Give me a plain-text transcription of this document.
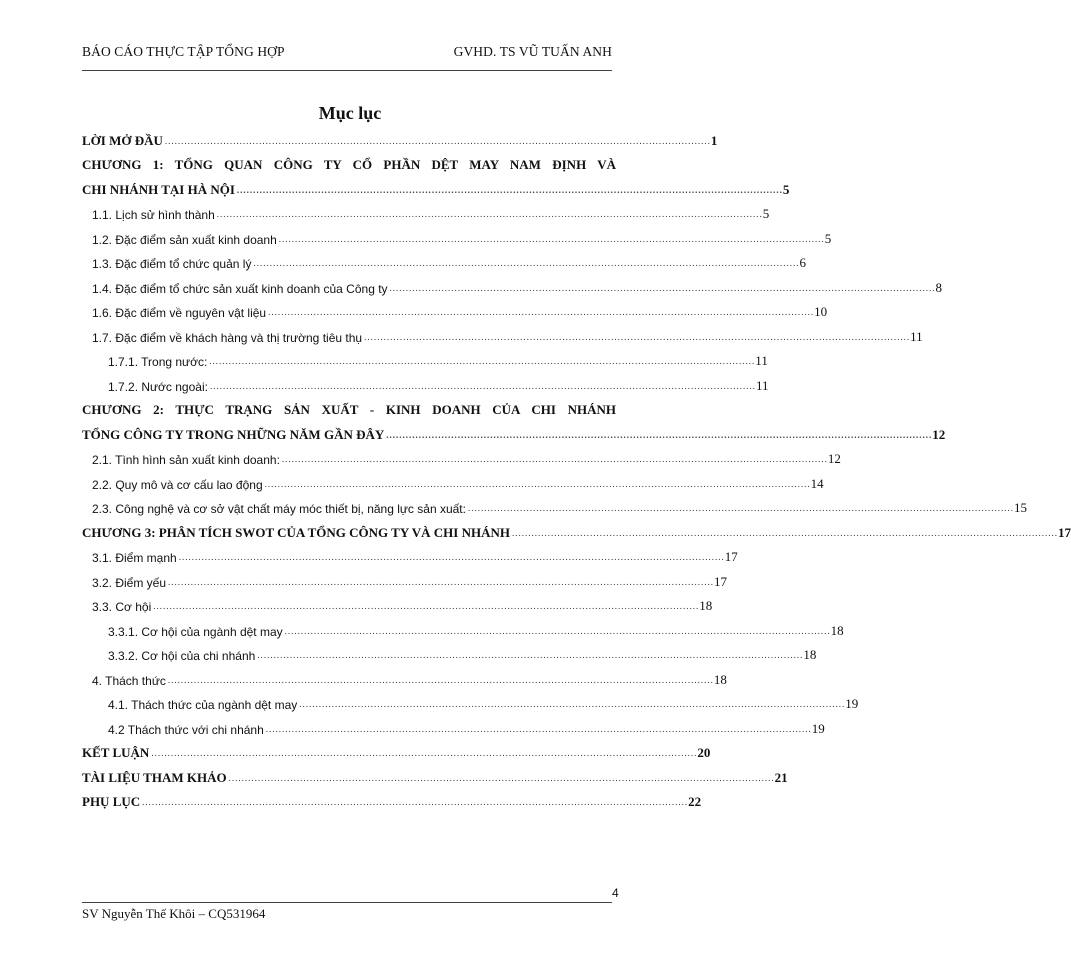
BÁO CÁO THỰC TẬP TỔNG HỢP	GVHD. TS VŨ TUẤN ANH
Mục lục
LỜI MỞ ĐẦU ........................................................................................................................................................................ 1
CHƯƠNG 1: TỔNG QUAN CÔNG TY CỔ PHẦN DỆT MAY NAM ĐỊNH VÀ
CHI NHÁNH TẠI HÀ NỘI ........................................................................................................................................................................ 5
1.1. Lịch sử hình thành ........................................................................................................................................................................ 5
1.2. Đặc điểm sản xuất kinh doanh ........................................................................................................................................................................ 5
1.3. Đặc điểm tổ chức quản lý ........................................................................................................................................................................ 6
1.4. Đặc điểm tổ chức sản xuất kinh doanh của Công ty ........................................................................................................................................................................ 8
1.6. Đặc điểm về nguyên vật liệu ........................................................................................................................................................................ 10
1.7. Đặc điểm về khách hàng và thị trường tiêu thụ ........................................................................................................................................................................ 11
1.7.1. Trong nước: ........................................................................................................................................................................ 11
1.7.2. Nước ngoài: ........................................................................................................................................................................ 11
CHƯƠNG 2: THỰC TRẠNG SẢN XUẤT - KINH DOANH CỦA CHI NHÁNH
TỔNG CÔNG TY TRONG NHỮNG NĂM GẦN ĐÂY ........................................................................................................................................................................ 12
2.1. Tình hình sản xuất kinh doanh: ........................................................................................................................................................................ 12
2.2. Quy mô và cơ cấu lao động ........................................................................................................................................................................ 14
2.3. Công nghệ và cơ sở vật chất máy móc thiết bị, năng lực sản xuất: ........................................................................................................................................................................ 15
CHƯƠNG 3: PHÂN TÍCH SWOT CỦA TỔNG CÔNG TY VÀ CHI NHÁNH ........................................................................................................................................................................ 17
3.1. Điểm mạnh ........................................................................................................................................................................ 17
3.2. Điểm yếu ........................................................................................................................................................................ 17
3.3. Cơ hội ........................................................................................................................................................................ 18
3.3.1. Cơ hội của ngành dệt may ........................................................................................................................................................................ 18
3.3.2. Cơ hội của chi nhánh ........................................................................................................................................................................ 18
4. Thách thức ........................................................................................................................................................................ 18
4.1. Thách thức của ngành dệt may ........................................................................................................................................................................ 19
4.2 Thách thức với chi nhánh ........................................................................................................................................................................ 19
KẾT LUẬN ........................................................................................................................................................................ 20
TÀI LIỆU THAM KHẢO ........................................................................................................................................................................ 21
PHỤ LỤC ........................................................................................................................................................................ 22
4
SV Nguyễn Thế Khôi – CQ531964
